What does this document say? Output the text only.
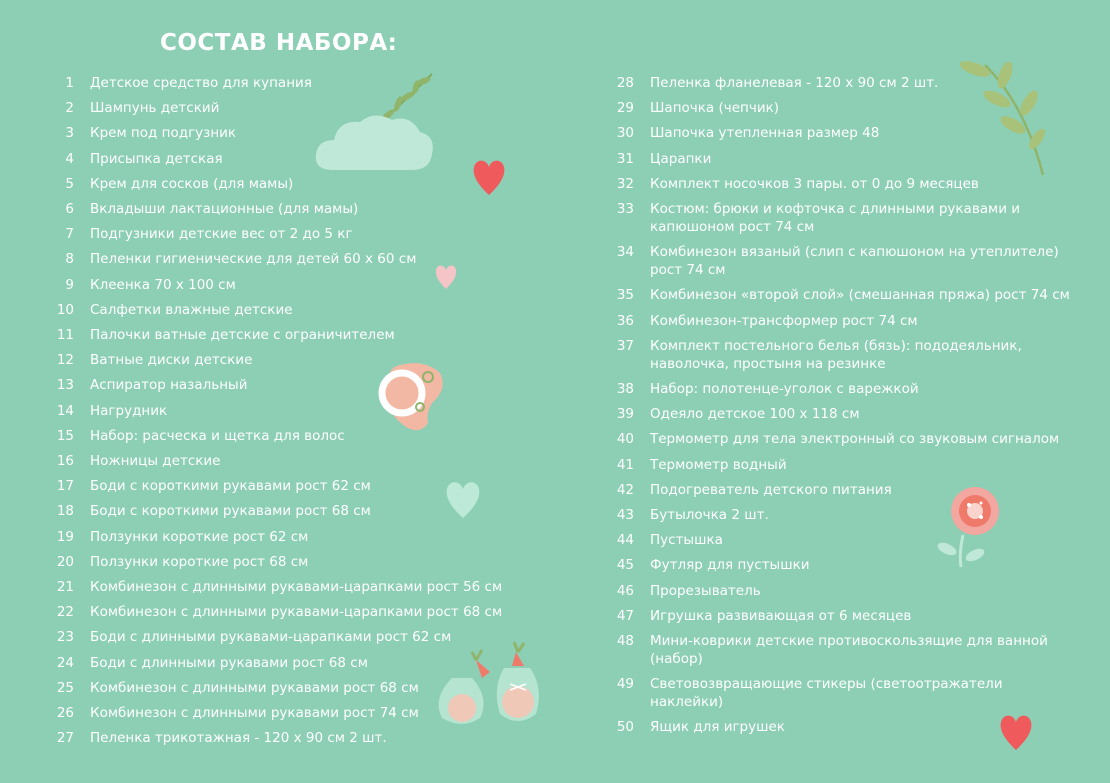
СОСТАВ НАБОРА:
1 Детское средство для купания
2 Шампунь детский
3 Крем под подгузник
4 Присыпка детская
5 Крем для сосков (для мамы)
6 Вкладыши лактационные (для мамы)
7 Подгузники детские вес от 2 до 5 кг
8 Пеленки гигиенические для детей 60 х 60 см
9 Клеенка 70 х 100 см
10 Салфетки влажные детские
11 Палочки ватные детские с ограничителем
12 Ватные диски детские
13 Аспиратор назальный
14 Нагрудник
15 Набор: расческа и щетка для волос
16 Ножницы детские
17 Боди с короткими рукавами рост 62 см
18 Боди с короткими рукавами рост 68 см
19 Ползунки короткие рост 62 см
20 Ползунки короткие рост 68 см
21 Комбинезон с длинными рукавами-царапками рост 56 см
22 Комбинезон с длинными рукавами-царапками рост 68 см
23 Боди с длинными рукавами-царапками рост 62 см
24 Боди с длинными рукавами рост 68 см
25 Комбинезон с длинными рукавами рост 68 см
26 Комбинезон с длинными рукавами рост 74 см
27 Пеленка трикотажная - 120 х 90 см 2 шт.
28 Пеленка фланелевая - 120 х 90 см 2 шт.
29 Шапочка (чепчик)
30 Шапочка утепленная размер 48
31 Царапки
32 Комплект носочков 3 пары. от 0 до 9 месяцев
33 Костюм: брюки и кофточка с длинными рукавами и
капюшоном рост 74 см
34 Комбинезон вязаный (слип с капюшоном на утеплителе)
рост 74 см
35 Комбинезон «второй слой» (смешанная пряжа) рост 74 см
36 Комбинезон-трансформер рост 74 см
37 Комплект постельного белья (бязь): пододеяльник,
наволочка, простыня на резинке
38 Набор: полотенце-уголок с варежкой
39 Одеяло детское 100 х 118 см
40 Термометр для тела электронный со звуковым сигналом
41 Термометр водный
42 Подогреватель детского питания
43 Бутылочка 2 шт.
44 Пустышка
45 Футляр для пустышки
46 Прорезыватель
47 Игрушка развивающая от 6 месяцев
48 Мини-коврики детские противоскользящие для ванной
(набор)
49 Световозвращающие стикеры (светоотражатели
наклейки)
50 Ящик для игрушек
